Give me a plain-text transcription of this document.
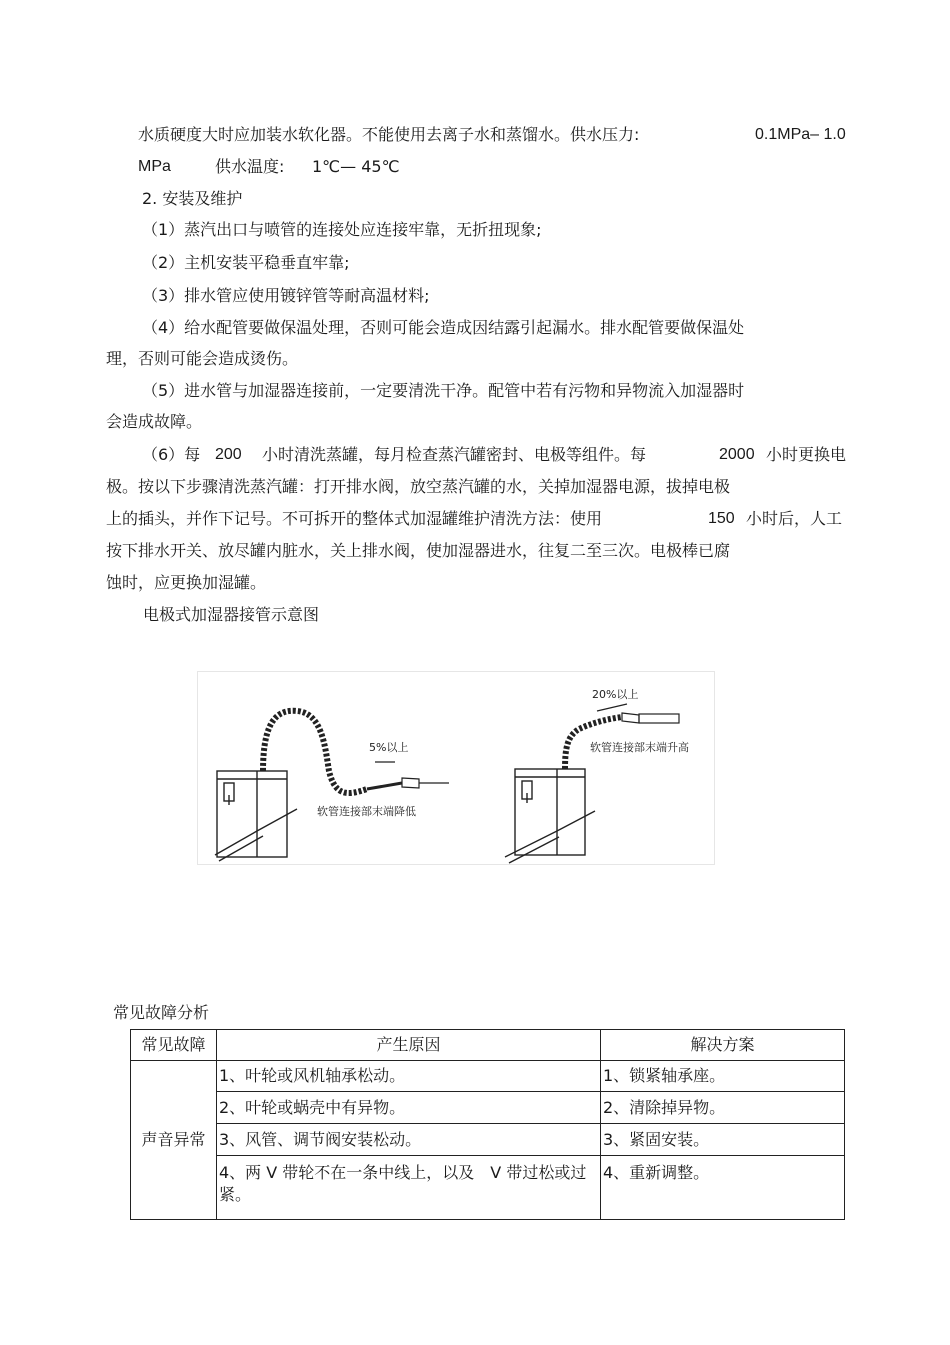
水质硬度大时应加装水软化器。不能使用去离子水和蒸馏水。供水压力:	0.1MPa– 1.0
MPa	供水温度: 1℃— 45℃
2. 安装及维护
（1）蒸汽出口与喷管的连接处应连接牢靠，无折扭现象;
（2）主机安装平稳垂直牢靠;
（3）排水管应使用镀锌管等耐高温材料;
（4）给水配管要做保温处理，否则可能会造成因结露引起漏水。排水配管要做保温处
理，否则可能会造成烫伤。
（5）进水管与加湿器连接前，一定要清洗干净。配管中若有污物和异物流入加湿器时
会造成故障。
（6）每 200 小时清洗蒸罐，每月检查蒸汽罐密封、电极等组件。每	2000 小时更换电
极。按以下步骤清洗蒸汽罐：打开排水阀，放空蒸汽罐的水，关掉加湿器电源，拔掉电极
上的插头，并作下记号。不可拆开的整体式加湿罐维护清洗方法：使用	150 小时后，人工
按下排水开关、放尽罐内脏水，关上排水阀，使加湿器进水，往复二至三次。电极棒已腐
蚀时，应更换加湿罐。
电极式加湿器接管示意图
5%以上
软管连接部末端降低
20%以上
软管连接部末端升高
常见故障分析
常见故障	产生原因	解决方案
声音异常	1、叶轮或风机轴承松动。	1、锁紧轴承座。
	2、叶轮或蜗壳中有异物。	2、清除掉异物。
	3、风管、调节阀安装松动。	3、紧固安装。
	4、两 V 带轮不在一条中线上，以及　V 带过松或过紧。	4、重新调整。
